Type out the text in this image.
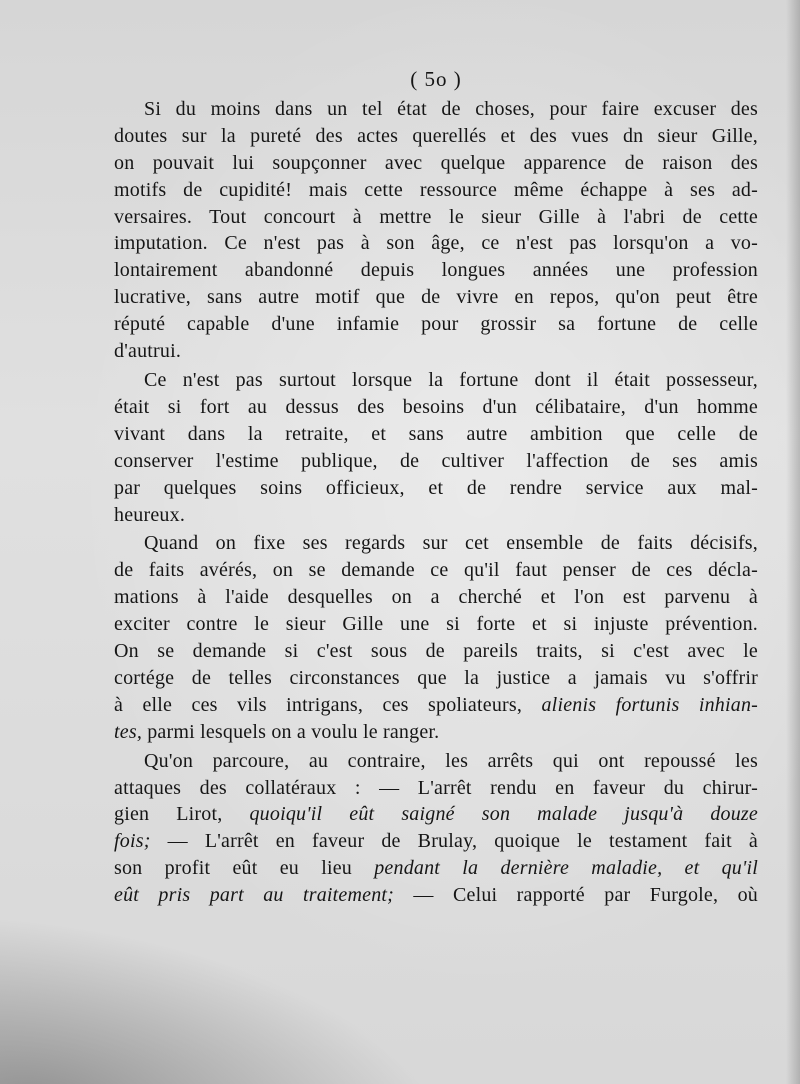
( 5o )
Si du moins dans un tel état de choses, pour faire excuser des
doutes sur la pureté des actes querellés et des vues dn sieur Gille,
on pouvait lui soupçonner avec quelque apparence de raison des
motifs de cupidité! mais cette ressource même échappe à ses ad-
versaires. Tout concourt à mettre le sieur Gille à l'abri de cette
imputation. Ce n'est pas à son âge, ce n'est pas lorsqu'on a vo-
lontairement abandonné depuis longues années une profession
lucrative, sans autre motif que de vivre en repos, qu'on peut être
réputé capable d'une infamie pour grossir sa fortune de celle
d'autrui.
Ce n'est pas surtout lorsque la fortune dont il était possesseur,
était si fort au dessus des besoins d'un célibataire, d'un homme
vivant dans la retraite, et sans autre ambition que celle de
conserver l'estime publique, de cultiver l'affection de ses amis
par quelques soins officieux, et de rendre service aux mal-
heureux.
Quand on fixe ses regards sur cet ensemble de faits décisifs,
de faits avérés, on se demande ce qu'il faut penser de ces décla-
mations à l'aide desquelles on a cherché et l'on est parvenu à
exciter contre le sieur Gille une si forte et si injuste prévention.
On se demande si c'est sous de pareils traits, si c'est avec le
cortége de telles circonstances que la justice a jamais vu s'offrir
à elle ces vils intrigans, ces spoliateurs, alienis fortunis inhian-
tes, parmi lesquels on a voulu le ranger.
Qu'on parcoure, au contraire, les arrêts qui ont repoussé les
attaques des collatéraux : — L'arrêt rendu en faveur du chirur-
gien Lirot, quoiqu'il eût saigné son malade jusqu'à douze
fois; — L'arrêt en faveur de Brulay, quoique le testament fait à
son profit eût eu lieu pendant la dernière maladie, et qu'il
eût pris part au traitement; — Celui rapporté par Furgole, où
